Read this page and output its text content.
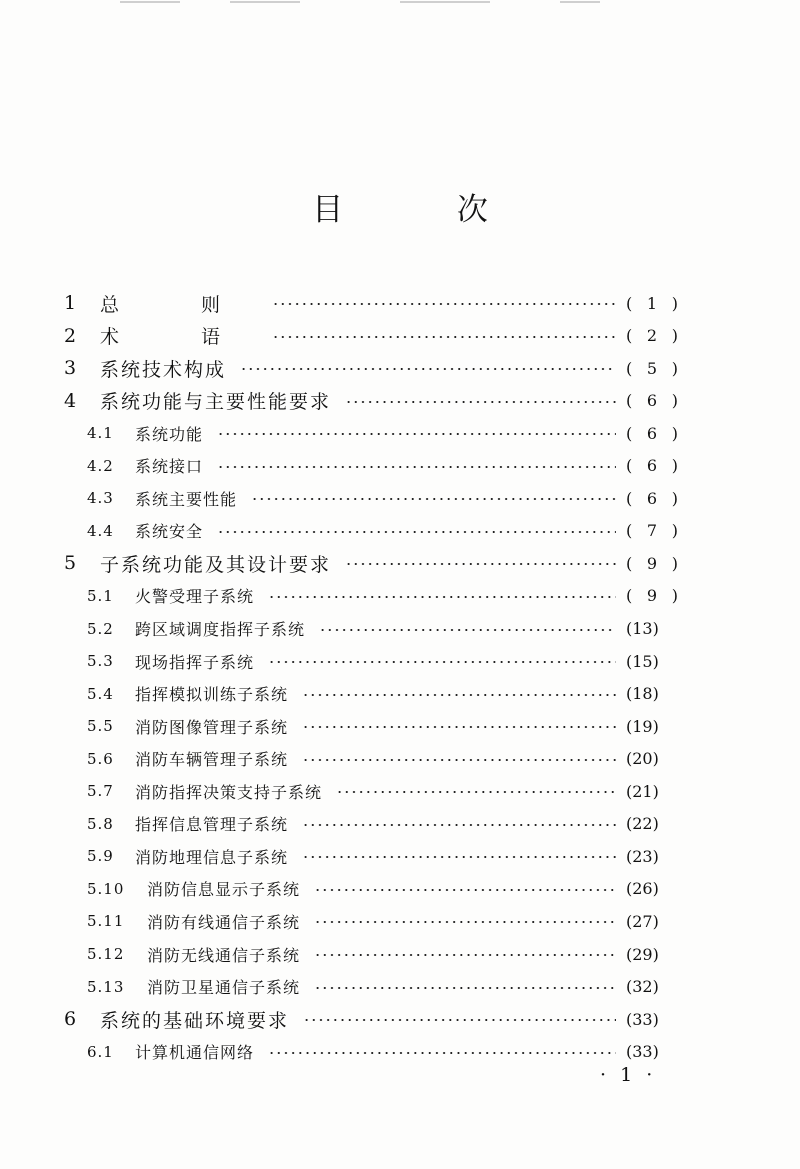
目 次
1 总 则	( 1 )
2 术 语	( 2 )
3 系统技术构成	( 5 )
4 系统功能与主要性能要求	( 6 )
4.1 系统功能	( 6 )
4.2 系统接口	( 6 )
4.3 系统主要性能	( 6 )
4.4 系统安全	( 7 )
5 子系统功能及其设计要求	( 9 )
5.1 火警受理子系统	( 9 )
5.2 跨区域调度指挥子系统	(13)
5.3 现场指挥子系统	(15)
5.4 指挥模拟训练子系统	(18)
5.5 消防图像管理子系统	(19)
5.6 消防车辆管理子系统	(20)
5.7 消防指挥决策支持子系统	(21)
5.8 指挥信息管理子系统	(22)
5.9 消防地理信息子系统	(23)
5.10 消防信息显示子系统	(26)
5.11 消防有线通信子系统	(27)
5.12 消防无线通信子系统	(29)
5.13 消防卫星通信子系统	(32)
6 系统的基础环境要求	(33)
6.1 计算机通信网络	(33)
· 1 ·
